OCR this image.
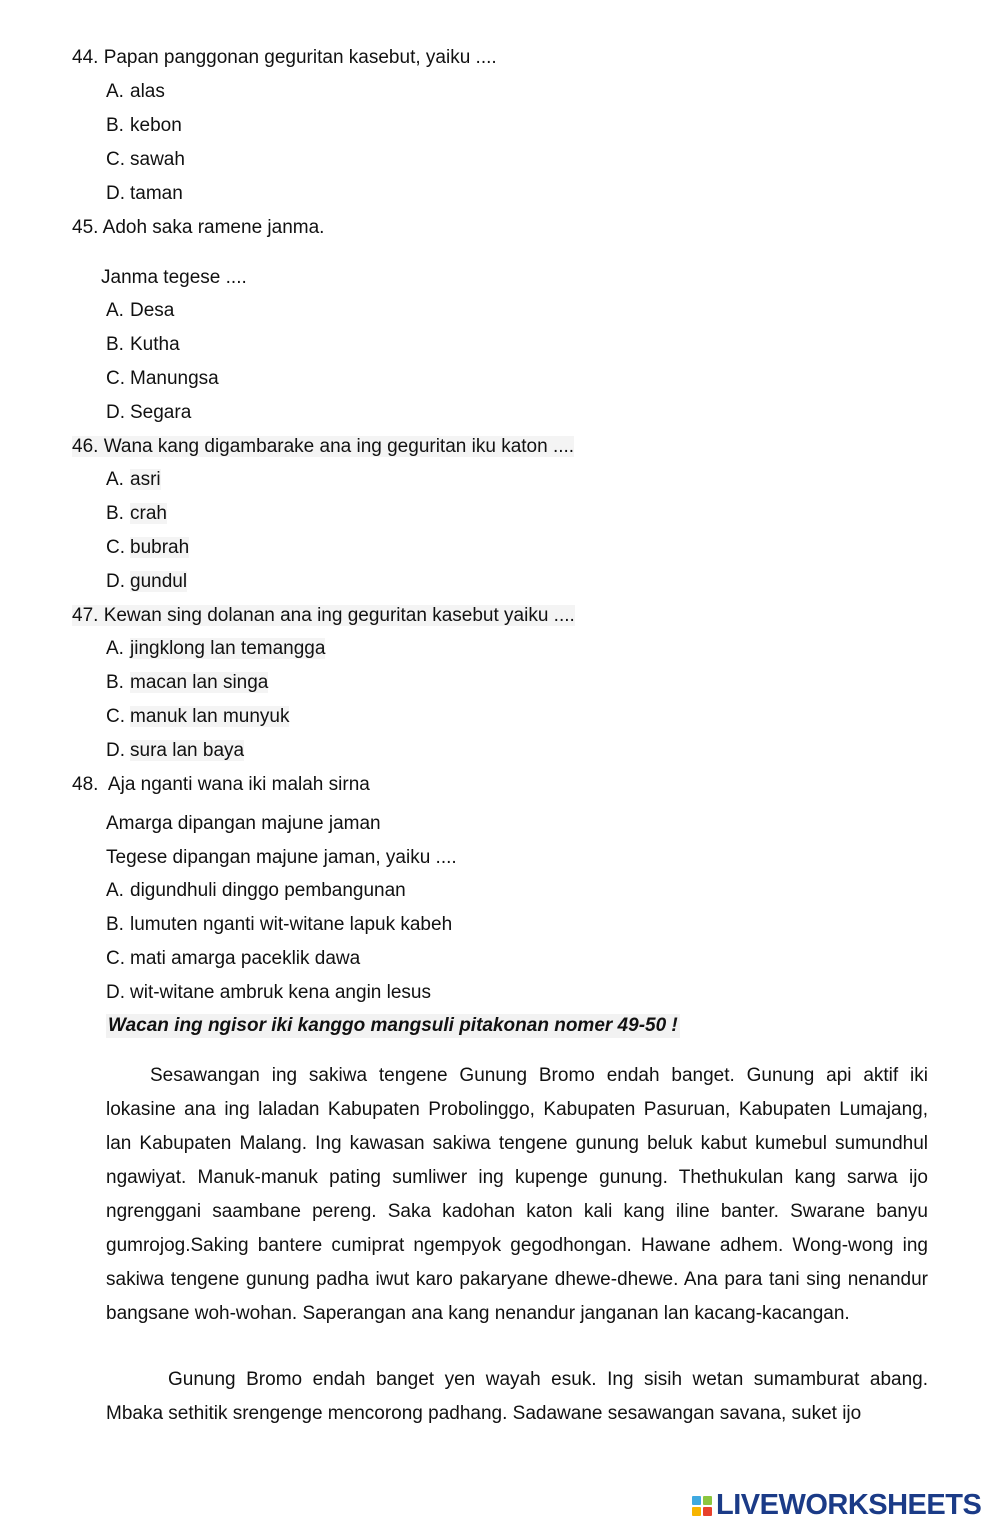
44. Papan panggonan geguritan kasebut, yaiku ....
A. alas
B. kebon
C. sawah
D. taman
45. Adoh saka ramene janma.
Janma tegese ....
A. Desa
B. Kutha
C. Manungsa
D. Segara
46. Wana kang digambarake ana ing geguritan iku katon ....
A. asri
B. crah
C. bubrah
D. gundul
47. Kewan sing dolanan ana ing geguritan kasebut yaiku ....
A. jingklong lan temangga
B. macan lan singa
C. manuk lan munyuk
D. sura lan baya
48.  Aja nganti wana iki malah sirna
Amarga dipangan majune jaman
Tegese dipangan majune jaman, yaiku ....
A. digundhuli dinggo pembangunan
B. lumuten nganti wit-witane lapuk kabeh
C. mati amarga paceklik dawa
D. wit-witane ambruk kena angin lesus
Wacan ing ngisor iki kanggo mangsuli pitakonan nomer 49-50 !
Sesawangan ing sakiwa tengene Gunung Bromo endah banget. Gunung api aktif iki lokasine ana ing laladan Kabupaten Probolinggo, Kabupaten Pasuruan, Kabupaten Lumajang, lan Kabupaten Malang. Ing kawasan sakiwa tengene gunung beluk kabut kumebul sumundhul ngawiyat. Manuk-manuk pating sumliwer ing kupenge gunung. Thethukulan kang sarwa ijo ngrenggani saambane pereng. Saka kadohan katon kali kang iline banter. Swarane banyu gumrojog.Saking bantere cumiprat ngempyok gegodhongan. Hawane adhem. Wong-wong ing sakiwa tengene gunung padha iwut karo pakaryane dhewe-dhewe. Ana para tani sing nenandur bangsane woh-wohan. Saperangan ana kang nenandur janganan lan kacang-kacangan.
Gunung Bromo endah banget yen wayah esuk. Ing sisih wetan sumamburat abang. Mbaka sethitik srengenge mencorong padhang. Sadawane sesawangan savana, suket ijo
LIVEWORKSHEETS
